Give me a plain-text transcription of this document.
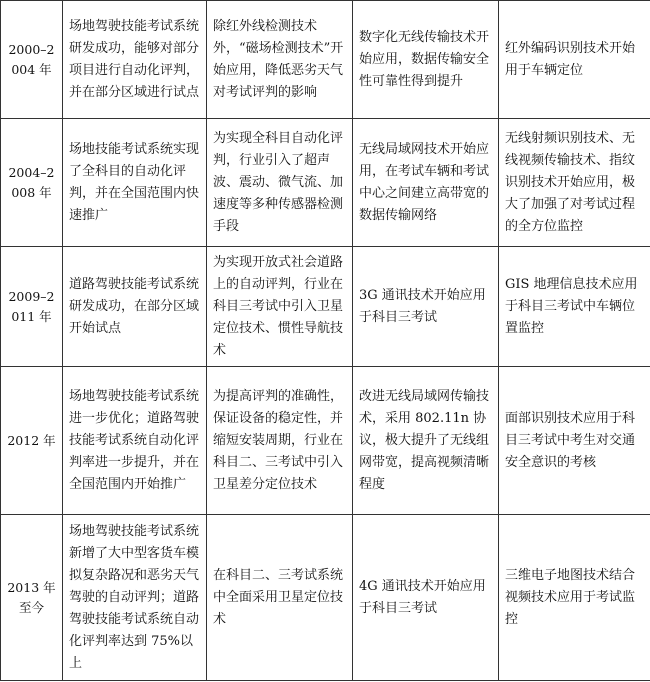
2000–2004 年	场地驾驶技能考试系统研发成功，能够对部分项目进行自动化评判，并在部分区域进行试点	除红外线检测技术外，“磁场检测技术”开始应用，降低恶劣天气对考试评判的影响	数字化无线传输技术开始应用，数据传输安全性可靠性得到提升	红外编码识别技术开始用于车辆定位
2004–2008 年	场地技能考试系统实现了全科目的自动化评判，并在全国范围内快速推广	为实现全科目自动化评判，行业引入了超声波、震动、微气流、加速度等多种传感器检测手段	无线局域网技术开始应用，在考试车辆和考试中心之间建立高带宽的数据传输网络	无线射频识别技术、无线视频传输技术、指纹识别技术开始应用，极大了加强了对考试过程的全方位监控
2009–2011 年	道路驾驶技能考试系统研发成功，在部分区域开始试点	为实现开放式社会道路上的自动评判，行业在科目三考试中引入卫星定位技术、惯性导航技术	3G 通讯技术开始应用于科目三考试	GIS 地理信息技术应用于科目三考试中车辆位置监控
2012 年	场地驾驶技能考试系统进一步优化；道路驾驶技能考试系统自动化评判率进一步提升，并在全国范围内开始推广	为提高评判的准确性，保证设备的稳定性，并缩短安装周期，行业在科目二、三考试中引入卫星差分定位技术	改进无线局域网传输技术，采用 802.11n 协议，极大提升了无线组网带宽，提高视频清晰程度	面部识别技术应用于科目三考试中考生对交通安全意识的考核
2013 年至今	场地驾驶技能考试系统新增了大中型客货车模拟复杂路况和恶劣天气驾驶的自动评判；道路驾驶技能考试系统自动化评判率达到 75%以上	在科目二、三考试系统中全面采用卫星定位技术	4G 通讯技术开始应用于科目三考试	三维电子地图技术结合视频技术应用于考试监控
